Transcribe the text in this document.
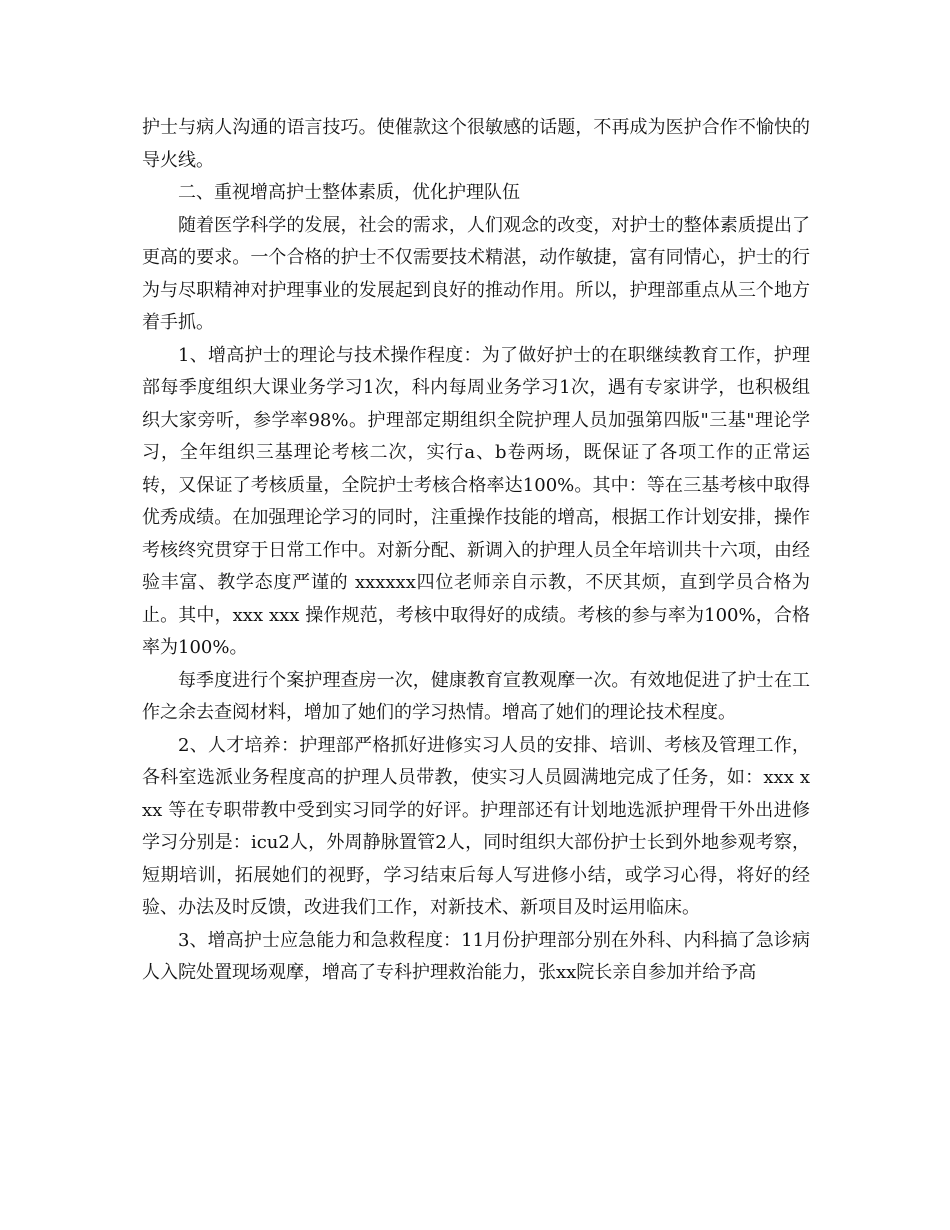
护士与病人沟通的语言技巧。使催款这个很敏感的话题，不再成为医护合作不愉快的导火线。

二、重视增高护士整体素质，优化护理队伍

随着医学科学的发展，社会的需求，人们观念的改变，对护士的整体素质提出了更高的要求。一个合格的护士不仅需要技术精湛，动作敏捷，富有同情心，护士的行为与尽职精神对护理事业的发展起到良好的推动作用。所以，护理部重点从三个地方着手抓。

1、增高护士的理论与技术操作程度：为了做好护士的在职继续教育工作，护理部每季度组织大课业务学习1次，科内每周业务学习1次，遇有专家讲学，也积极组织大家旁听，参学率98%。护理部定期组织全院护理人员加强第四版"三基"理论学习，全年组织三基理论考核二次，实行a、b卷两场，既保证了各项工作的正常运转，又保证了考核质量，全院护士考核合格率达100%。其中：等在三基考核中取得优秀成绩。在加强理论学习的同时，注重操作技能的增高，根据工作计划安排，操作考核终究贯穿于日常工作中。对新分配、新调入的护理人员全年培训共十六项，由经验丰富、教学态度严谨的 xxxxxx四位老师亲自示教，不厌其烦，直到学员合格为止。其中，xxx xxx 操作规范，考核中取得好的成绩。考核的参与率为100%，合格率为100%。

每季度进行个案护理查房一次，健康教育宣教观摩一次。有效地促进了护士在工作之余去查阅材料，增加了她们的学习热情。增高了她们的理论技术程度。

2、人才培养：护理部严格抓好进修实习人员的安排、培训、考核及管理工作，各科室选派业务程度高的护理人员带教，使实习人员圆满地完成了任务，如：xxx xxx 等在专职带教中受到实习同学的好评。护理部还有计划地选派护理骨干外出进修学习分别是：icu2人，外周静脉置管2人，同时组织大部份护士长到外地参观考察，短期培训，拓展她们的视野，学习结束后每人写进修小结，或学习心得，将好的经验、办法及时反馈，改进我们工作，对新技术、新项目及时运用临床。

3、增高护士应急能力和急救程度：11月份护理部分别在外科、内科搞了急诊病人入院处置现场观摩，增高了专科护理救治能力，张xx院长亲自参加并给予高
